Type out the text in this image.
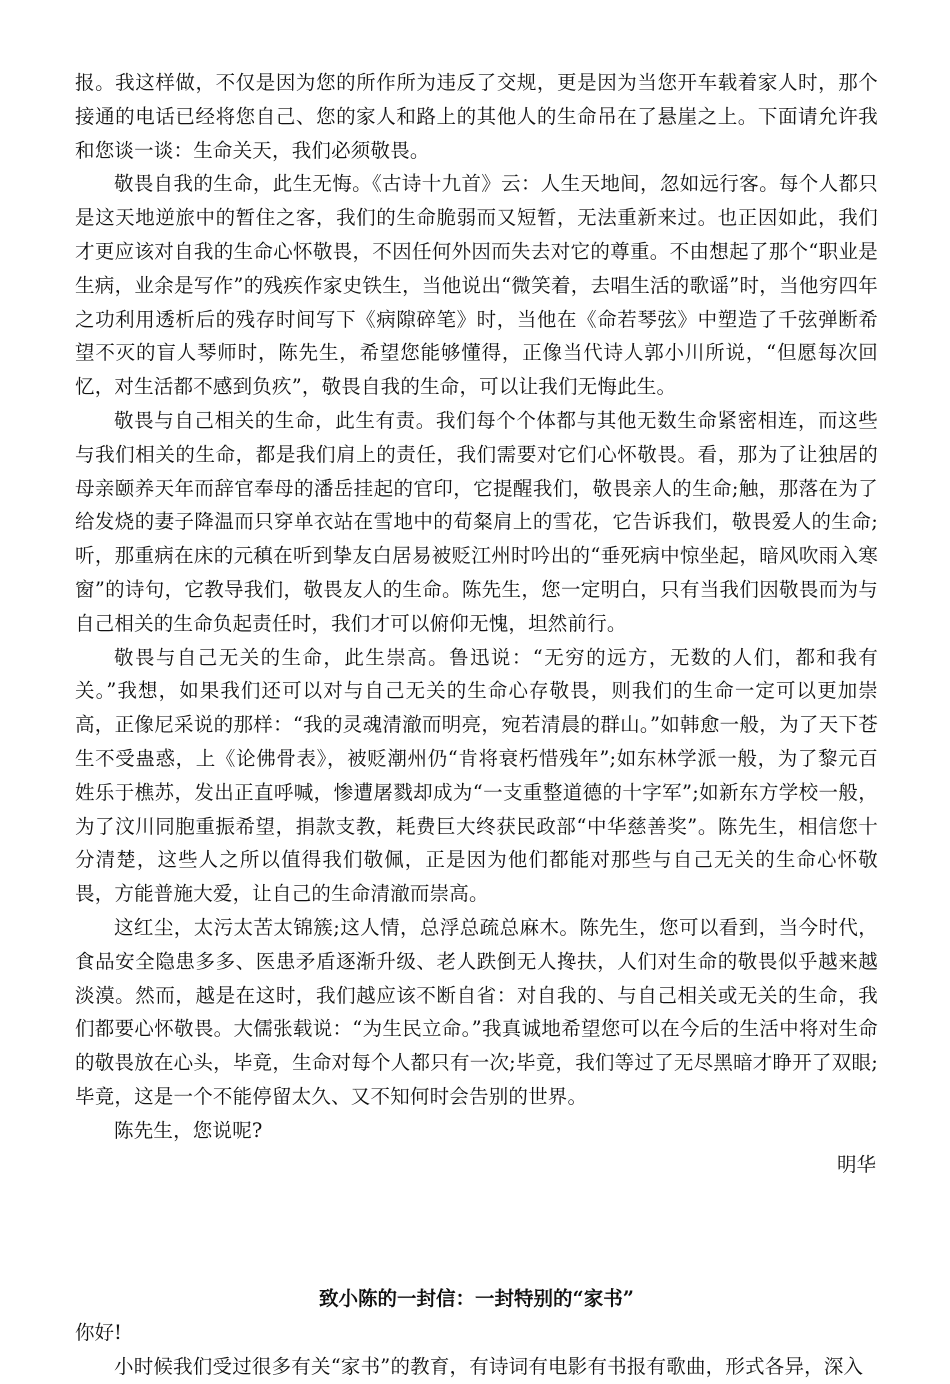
报。我这样做，不仅是因为您的所作所为违反了交规，更是因为当您开车载着家人时，那个接通的电话已经将您自己、您的家人和路上的其他人的生命吊在了悬崖之上。下面请允许我和您谈一谈：生命关天，我们必须敬畏。

敬畏自我的生命，此生无悔。《古诗十九首》云：人生天地间，忽如远行客。每个人都只是这天地逆旅中的暂住之客，我们的生命脆弱而又短暂，无法重新来过。也正因如此，我们才更应该对自我的生命心怀敬畏，不因任何外因而失去对它的尊重。不由想起了那个“职业是生病，业余是写作”的残疾作家史铁生，当他说出“微笑着，去唱生活的歌谣”时，当他穷四年之功利用透析后的残存时间写下《病隙碎笔》时，当他在《命若琴弦》中塑造了千弦弹断希望不灭的盲人琴师时，陈先生，希望您能够懂得，正像当代诗人郭小川所说，“但愿每次回忆，对生活都不感到负疚”，敬畏自我的生命，可以让我们无悔此生。

敬畏与自己相关的生命，此生有责。我们每个个体都与其他无数生命紧密相连，而这些与我们相关的生命，都是我们肩上的责任，我们需要对它们心怀敬畏。看，那为了让独居的母亲颐养天年而辞官奉母的潘岳挂起的官印，它提醒我们，敬畏亲人的生命;触，那落在为了给发烧的妻子降温而只穿单衣站在雪地中的荀粲肩上的雪花，它告诉我们，敬畏爱人的生命;听，那重病在床的元稹在听到挚友白居易被贬江州时吟出的“垂死病中惊坐起，暗风吹雨入寒窗”的诗句，它教导我们，敬畏友人的生命。陈先生，您一定明白，只有当我们因敬畏而为与自己相关的生命负起责任时，我们才可以俯仰无愧，坦然前行。

敬畏与自己无关的生命，此生崇高。鲁迅说：“无穷的远方，无数的人们，都和我有关。”我想，如果我们还可以对与自己无关的生命心存敬畏，则我们的生命一定可以更加崇高，正像尼采说的那样：“我的灵魂清澈而明亮，宛若清晨的群山。”如韩愈一般，为了天下苍生不受蛊惑，上《论佛骨表》，被贬潮州仍“肯将衰朽惜残年”;如东林学派一般，为了黎元百姓乐于樵苏，发出正直呼喊，惨遭屠戮却成为“一支重整道德的十字军”;如新东方学校一般，为了汶川同胞重振希望，捐款支教，耗费巨大终获民政部“中华慈善奖”。陈先生，相信您十分清楚，这些人之所以值得我们敬佩，正是因为他们都能对那些与自己无关的生命心怀敬畏，方能普施大爱，让自己的生命清澈而崇高。

这红尘，太污太苦太锦簇;这人情，总浮总疏总麻木。陈先生，您可以看到，当今时代，食品安全隐患多多、医患矛盾逐渐升级、老人跌倒无人搀扶，人们对生命的敬畏似乎越来越淡漠。然而，越是在这时，我们越应该不断自省：对自我的、与自己相关或无关的生命，我们都要心怀敬畏。大儒张载说：“为生民立命。”我真诚地希望您可以在今后的生活中将对生命的敬畏放在心头，毕竟，生命对每个人都只有一次;毕竟，我们等过了无尽黑暗才睁开了双眼;毕竟，这是一个不能停留太久、又不知何时会告别的世界。

陈先生，您说呢?

明华

致小陈的一封信：一封特别的“家书”

你好!

小时候我们受过很多有关“家书”的教育，有诗词有电影有书报有歌曲，形式各异，深入
